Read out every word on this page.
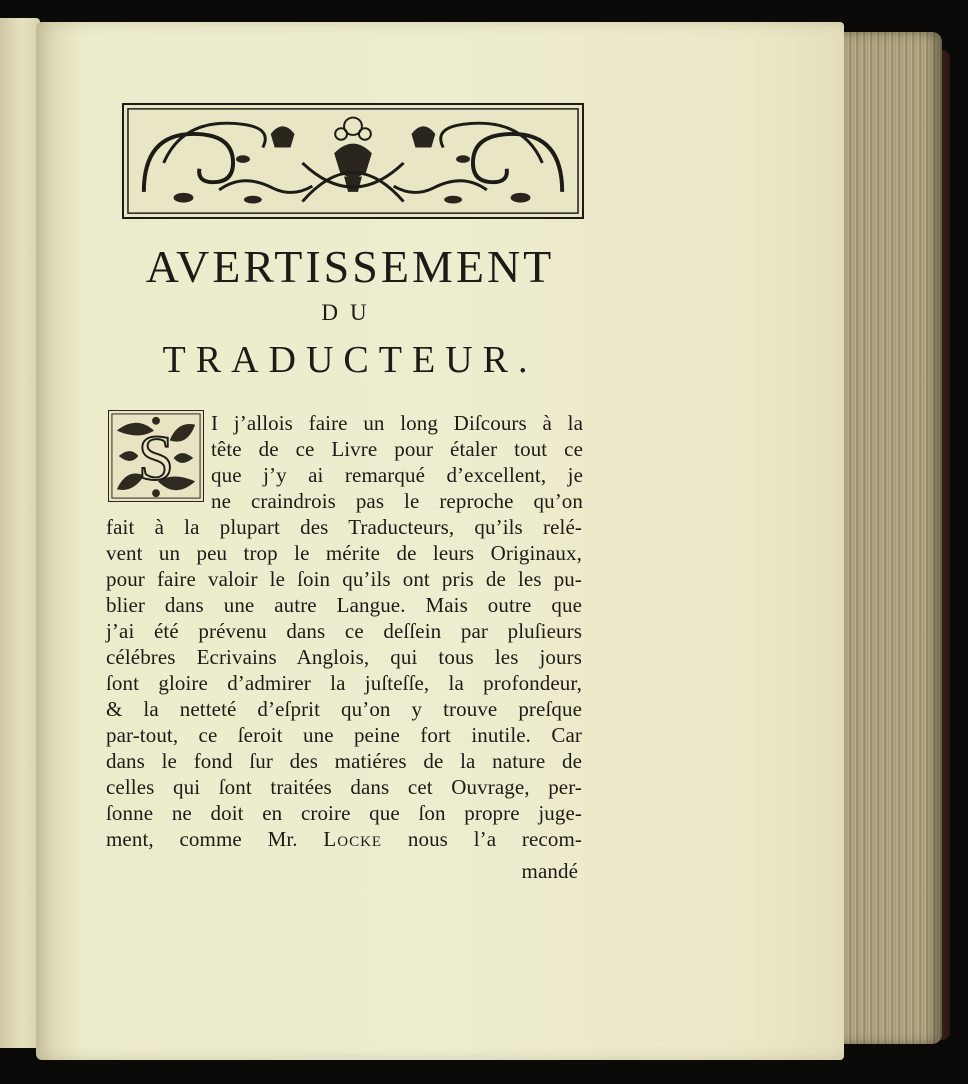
AVERTISSEMENT
DU
TRADUCTEUR.
S I j’allois faire un long Diſcours à la
tête de ce Livre pour étaler tout ce
que j’y ai remarqué d’excellent, je
ne craindrois pas le reproche qu’on
fait à la plupart des Traducteurs, qu’ils relé-
vent un peu trop le mérite de leurs Originaux,
pour faire valoir le ſoin qu’ils ont pris de les pu-
blier dans une autre Langue. Mais outre que
j’ai été prévenu dans ce deſſein par pluſieurs
célébres Ecrivains Anglois, qui tous les jours
ſont gloire d’admirer la juſteſſe, la profondeur,
& la netteté d’eſprit qu’on y trouve preſque
par-tout, ce ſeroit une peine fort inutile. Car
dans le fond ſur des matiéres de la nature de
celles qui ſont traitées dans cet Ouvrage, per-
ſonne ne doit en croire que ſon propre juge-
ment, comme Mr. Locke nous l’a recom-
mandé
